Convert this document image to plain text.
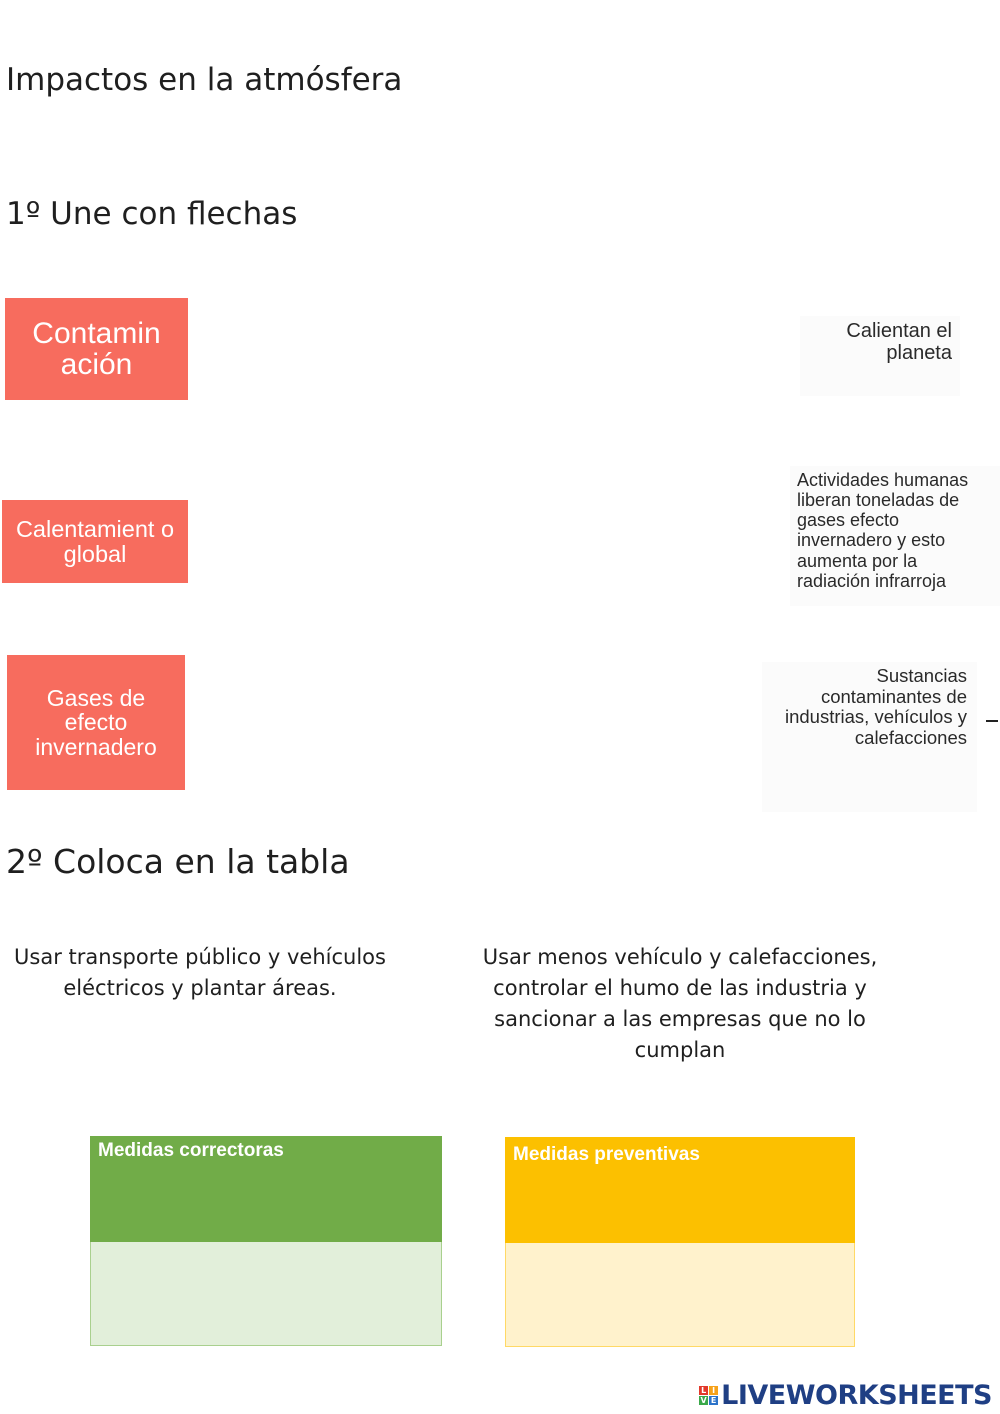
Impactos en la atmósfera
1º Une con flechas
Contamin ación
Calentamient o global
Gases de efecto invernadero
Calientan el planeta
Actividades humanas liberan toneladas de gases efecto invernadero y esto aumenta por la radiación infrarroja
Sustancias contaminantes de industrias, vehículos y calefacciones
2º Coloca en la tabla
Usar transporte público y vehículos eléctricos y plantar áreas.
Usar menos vehículo y calefacciones, controlar el humo de las industria y sancionar a las empresas que no lo cumplan
Medidas correctoras	Medidas preventivas
L I
V E LIVEWORKSHEETS
